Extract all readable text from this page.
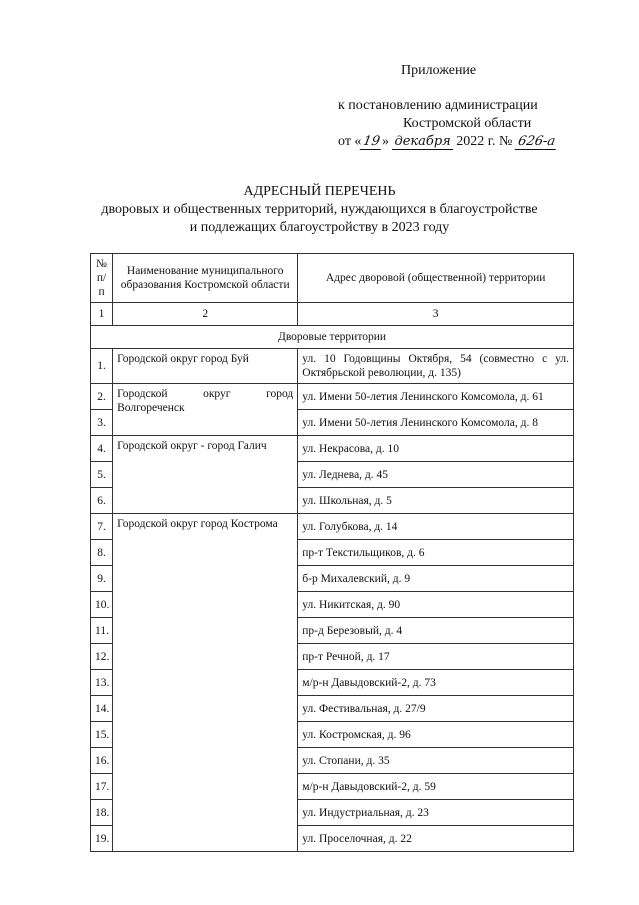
Приложение
к постановлению администрации
Костромской области
от «19» декабря 2022 г. № 626-а
АДРЕСНЫЙ ПЕРЕЧЕНЬ
дворовых и общественных территорий, нуждающихся в благоустройстве
и подлежащих благоустройству в 2023 году
№ п/п	Наименование муниципального образования Костромской области	Адрес дворовой (общественной) территории
1	2	3
Дворовые территории		
1.	Городской округ город Буй	ул. 10 Годовщины Октября, 54 (совместно с ул. Октябрьской революции, д. 135)
2.	Городской округ город Волгореченск	ул. Имени 50-летия Ленинского Комсомола, д. 61
3.		ул. Имени 50-летия Ленинского Комсомола, д. 8
4.	Городской округ - город Галич	ул. Некрасова, д. 10
5.		ул. Леднева, д. 45
6.		ул. Школьная, д. 5
7.	Городской округ город Кострома	ул. Голубкова, д. 14
8.		пр-т Текстильщиков, д. 6
9.		б-р Михалевский, д. 9
10.		ул. Никитская, д. 90
11.		пр-д Березовый, д. 4
12.		пр-т Речной, д. 17
13.		м/р-н Давыдовский-2, д. 73
14.		ул. Фестивальная, д. 27/9
15.		ул. Костромская, д. 96
16.		ул. Стопани, д. 35
17.		м/р-н Давыдовский-2, д. 59
18.		ул. Индустриальная, д. 23
19.		ул. Проселочная, д. 22
